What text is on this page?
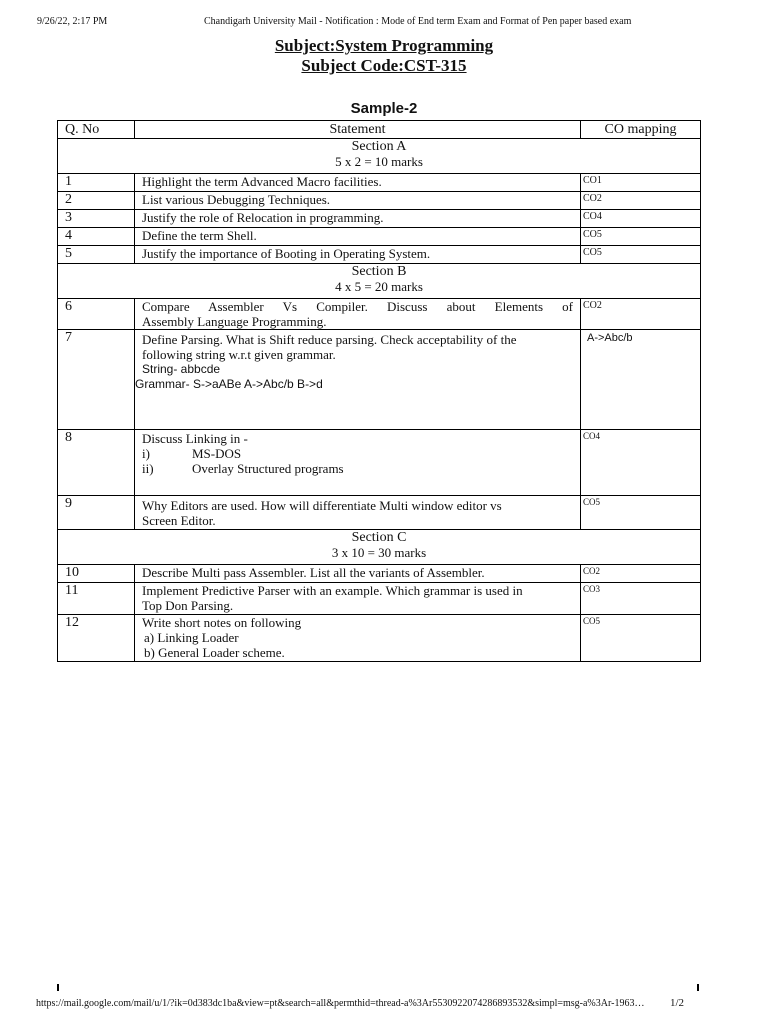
9/26/22, 2:17 PM	Chandigarh University Mail - Notification : Mode of End term Exam and Format of Pen paper based exam
Subject:System Programming
Subject Code:CST-315
Sample-2
Q. No	Statement	CO mapping

Section A
5 x 2 = 10 marks		

1	Highlight the term Advanced Macro facilities.	CO1
2	List various Debugging Techniques.	CO2
3	Justify the role of Relocation in programming.	CO4
4	Define the term Shell.	CO5
5	Justify the importance of Booting in Operating System.	CO5

Section B
4 x 5 = 20 marks		

6	Compare Assembler Vs Compiler. Discuss about Elements of
Assembly Language Programming.	CO2
7	Define Parsing. What is Shift reduce parsing. Check acceptability of the
following string w.r.t given grammar.
String- abbcde
Grammar- S->aABe A->Abc/b B->d	A->Abc/b
8	Discuss Linking in -
i) MS-DOS
ii) Overlay Structured programs	CO4
9	Why Editors are used. How will differentiate Multi window editor vs
Screen Editor.	CO5

Section C
3 x 10 = 30 marks		

10	Describe Multi pass Assembler. List all the variants of Assembler.	CO2
11	Implement Predictive Parser with an example. Which grammar is used in
Top Don Parsing.	CO3
12	Write short notes on following
a) Linking Loader
b) General Loader scheme.	CO5
https://mail.google.com/mail/u/1/?ik=0d383dc1ba&view=pt&search=all&permthid=thread-a%3Ar5530922074286893532&simpl=msg-a%3Ar-1963… 1/2
